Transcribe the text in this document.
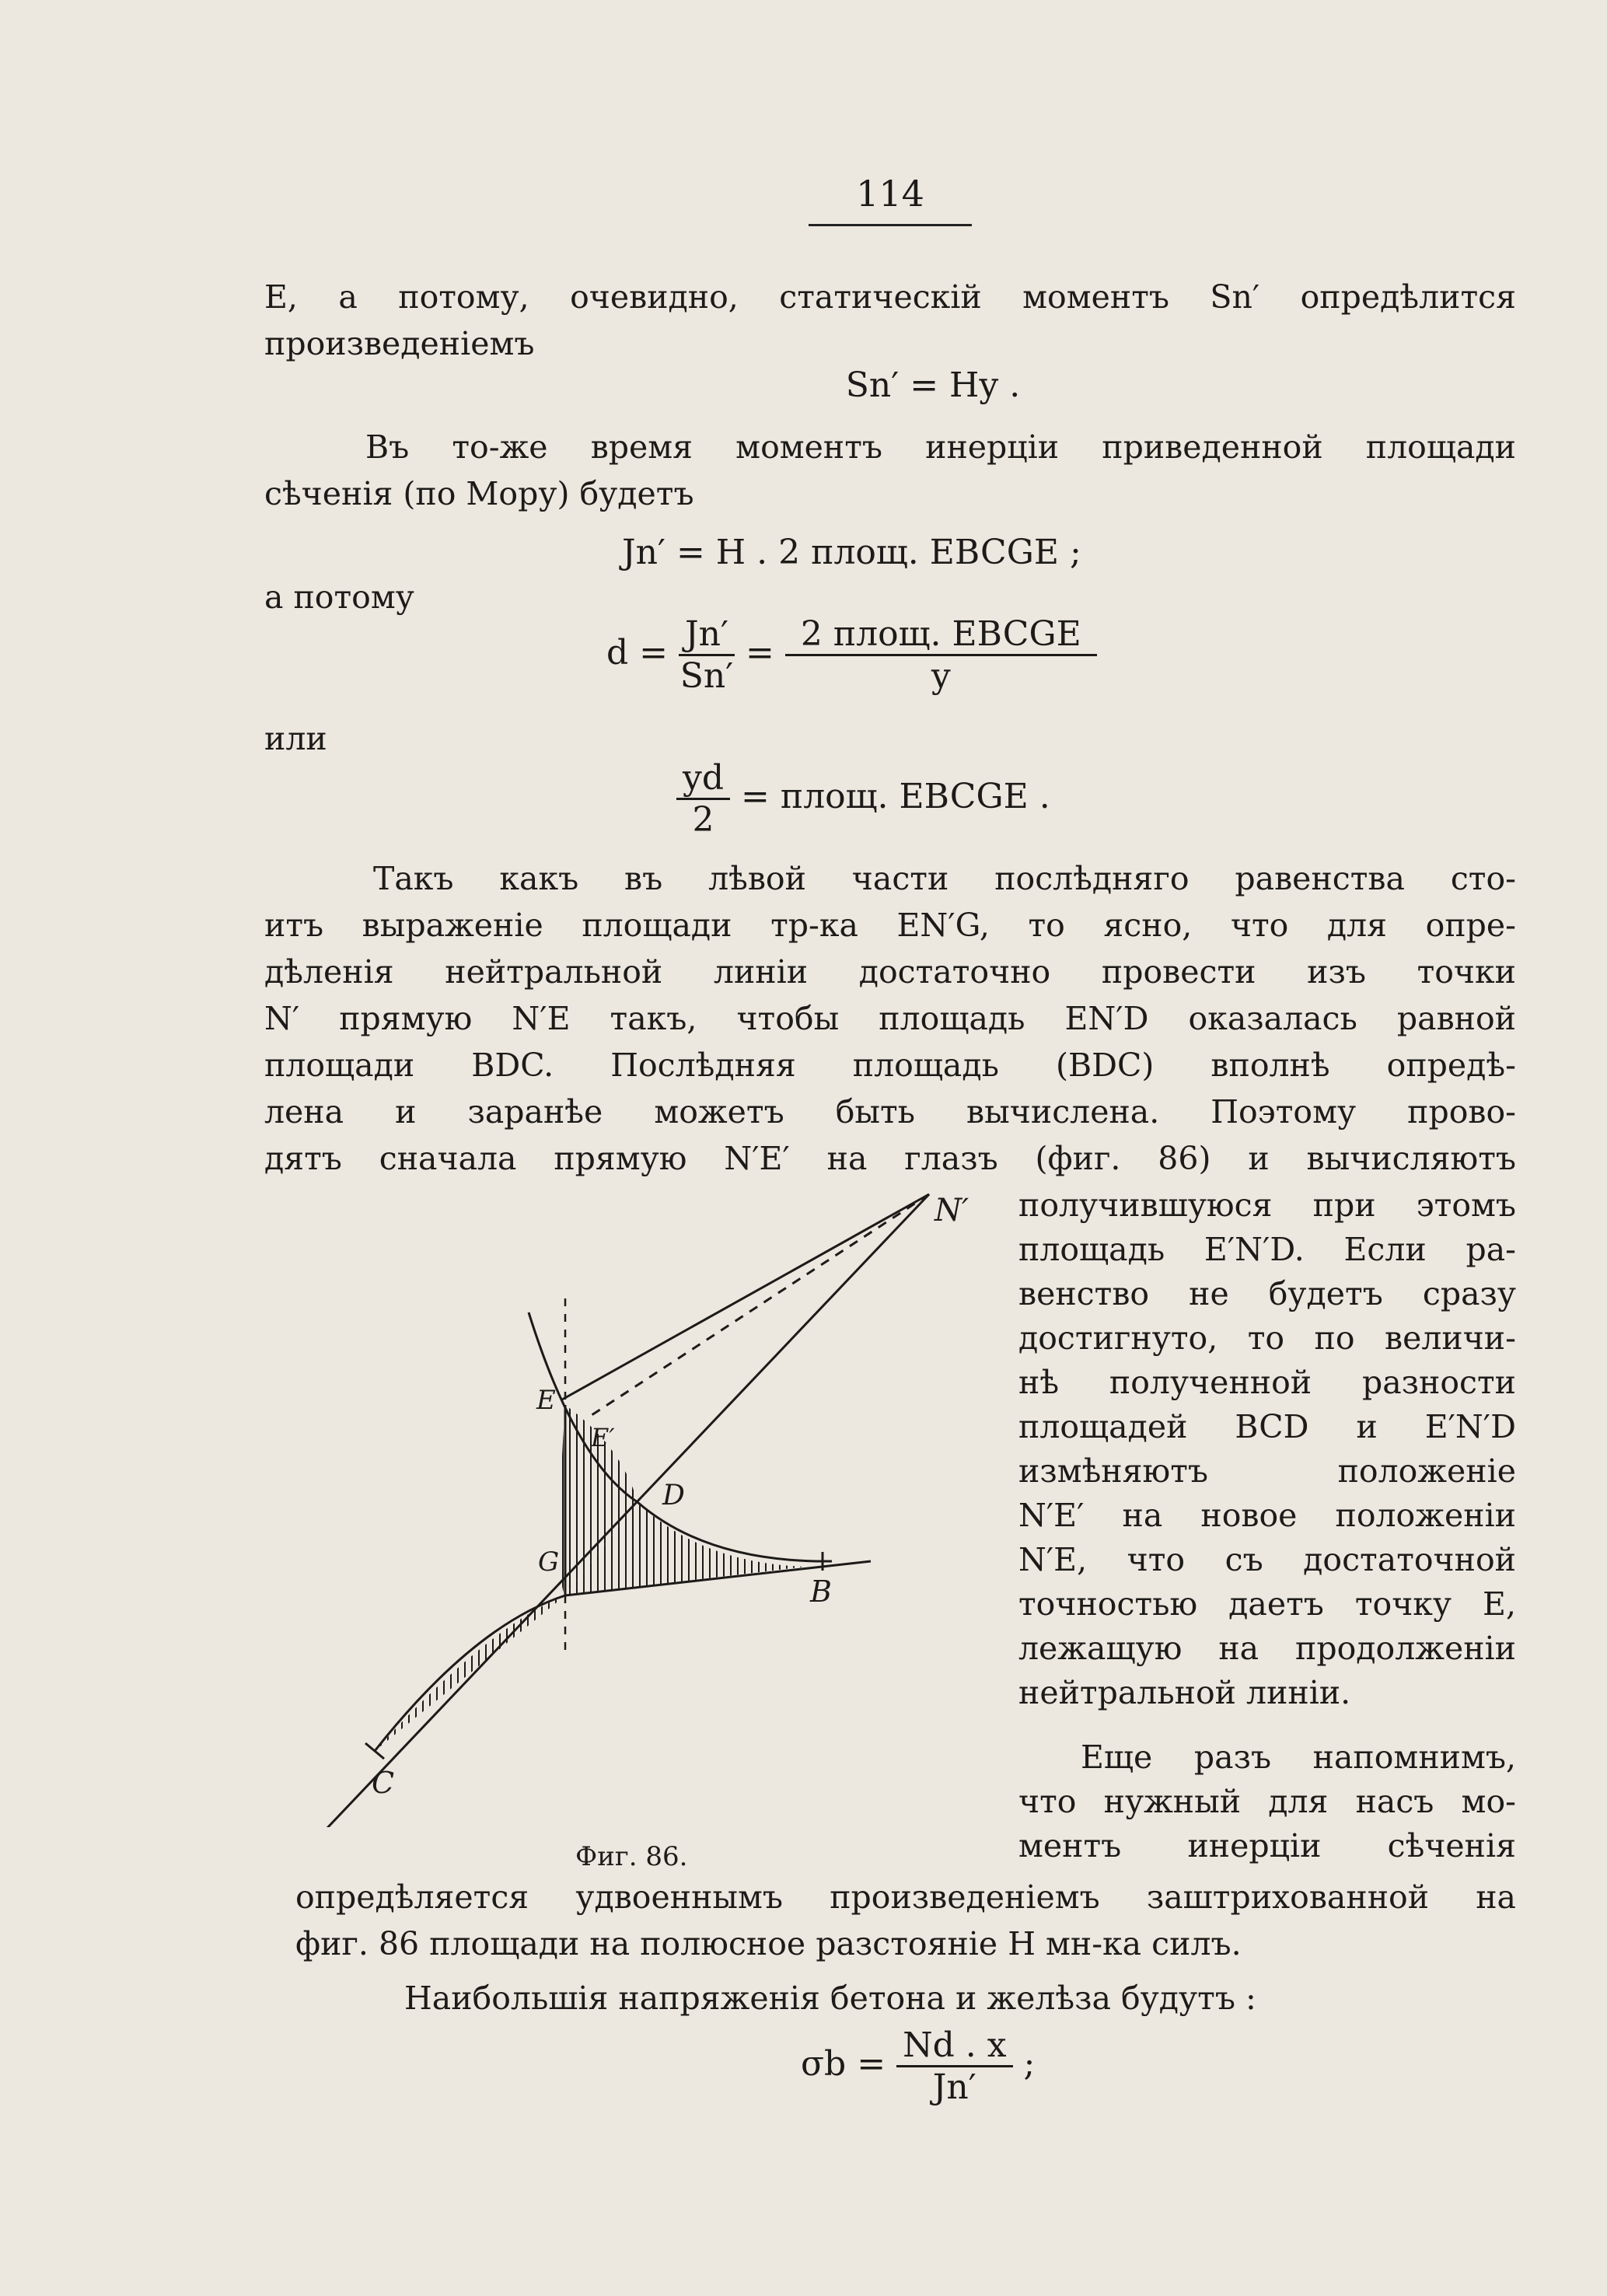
114
E, а потому, очевидно, статическій моментъ Sn′ опредѣлится
произведеніемъ
Sn′ = Hy .
Въ то-же время моментъ инерціи приведенной площади
сѣченія (по Мору) будетъ
Jn′ = H . 2 площ. EBCGE ;
а потому
$d = \frac{Jn'}{Sn'} = \frac{\text{2 площ. EBCGE}}{y}$
или
$\frac{yd}{2}$ = площ. EBCGE .
Такъ какъ въ лѣвой части послѣдняго равенства сто-
итъ выраженіе площади тр-ка EN′G, то ясно, что для опре-
дѣленія нейтральной линіи достаточно провести изъ точки
N′ прямую N′E такъ, чтобы площадь EN′D оказалась равной
площади BDC. Послѣдняя площадь (BDC) вполнѣ опредѣ-
лена и заранѣе можетъ быть вычислена. Поэтому прово-
дятъ сначала прямую N′E′ на глазъ (фиг. 86) и вычисляютъ
получившуюся при этомъ
площадь E′N′D. Если ра-
венство не будетъ сразу
достигнуто, то по величи-
нѣ полученной разности
площадей BCD и E′N′D
измѣняютъ положеніе
N′E′ на новое положеніи
N′E, что съ достаточной
точностью даетъ точку E,
лежащую на продолженіи
нейтральной линіи.
Еще разъ напомнимъ,
что нужный для насъ мо-
ментъ инерціи сѣченія
N′
E
E′
D
G
B
C
Фиг. 86.
опредѣляется удвоеннымъ произведеніемъ заштрихованной на
фиг. 86 площади на полюсное разстояніе H мн-ка силъ.
Наибольшія напряженія бетона и желѣза будутъ :
$\sigma b = \frac{Nd . x}{Jn'}$ ;
